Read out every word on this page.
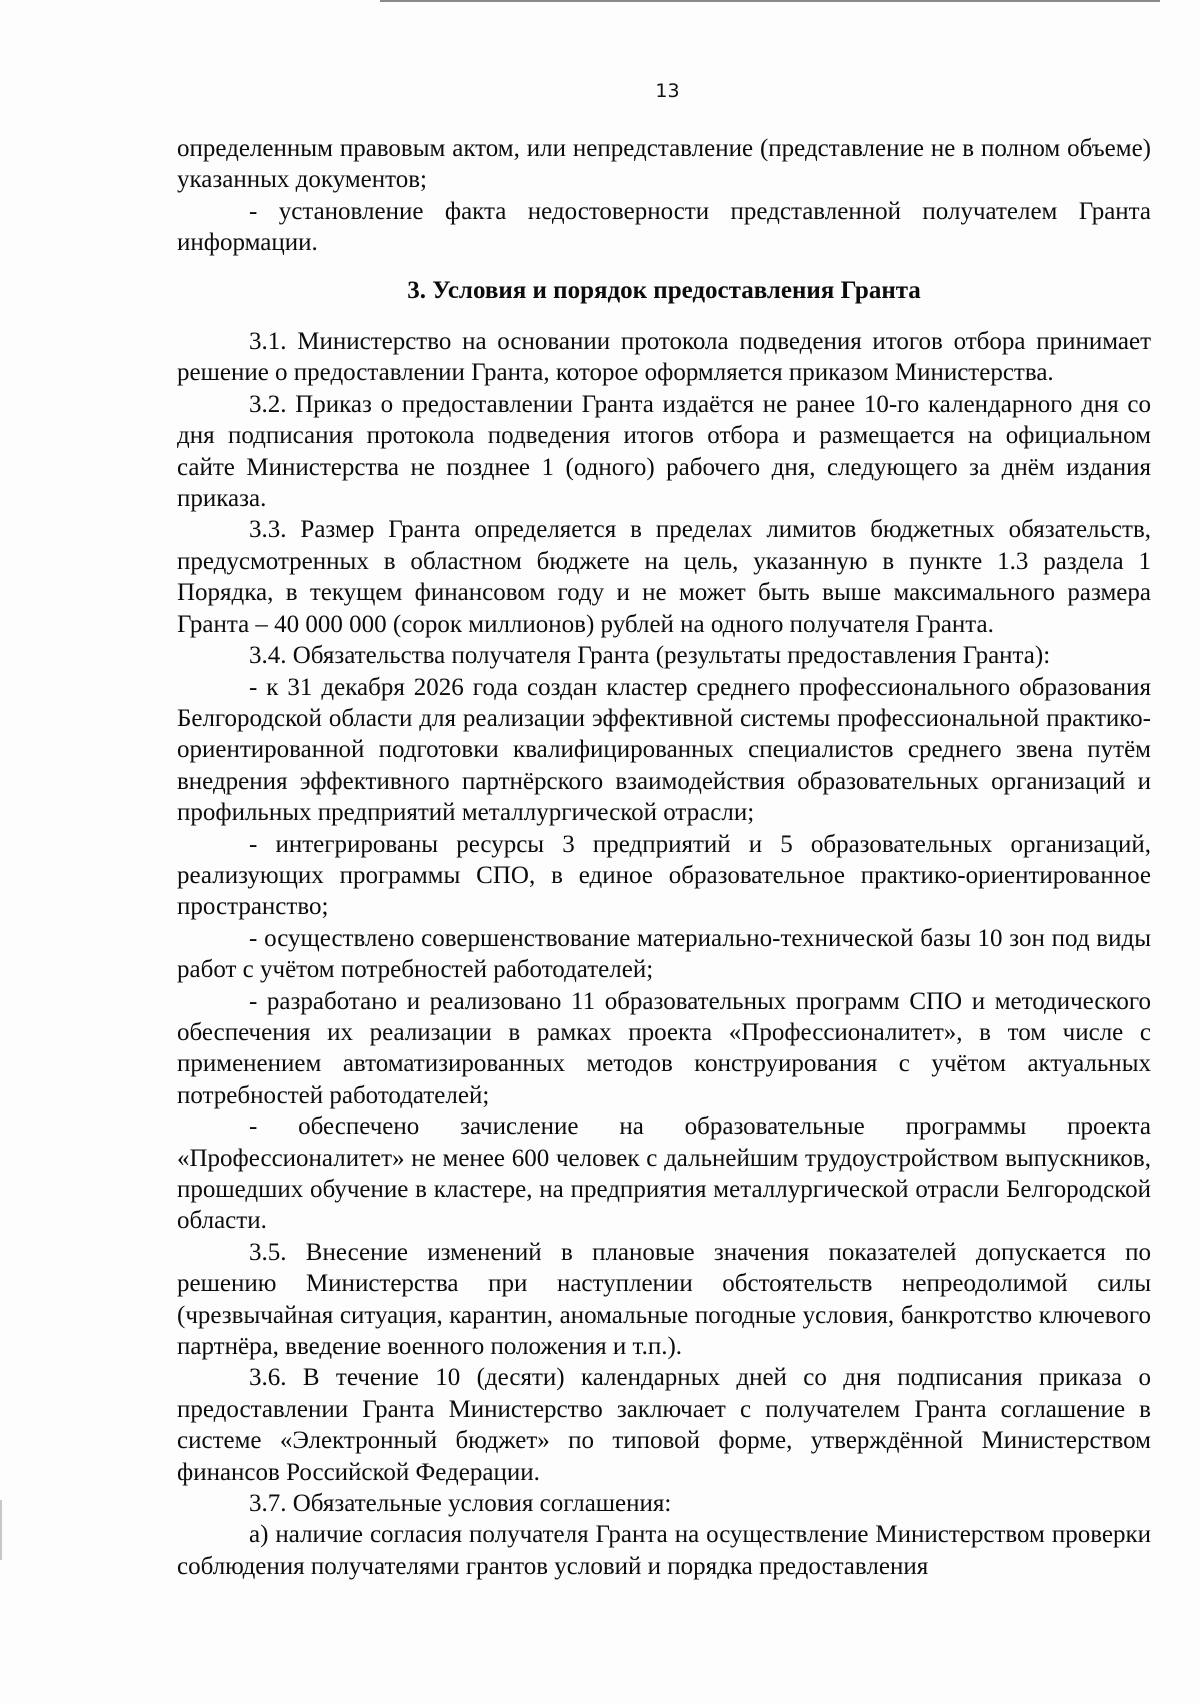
13

определенным правовым актом, или непредставление (представление не в полном объеме) указанных документов;

- установление факта недостоверности представленной получателем Гранта информации.

3. Условия и порядок предоставления Гранта

3.1. Министерство на основании протокола подведения итогов отбора принимает решение о предоставлении Гранта, которое оформляется приказом Министерства.

3.2. Приказ о предоставлении Гранта издаётся не ранее 10-го календарного дня со дня подписания протокола подведения итогов отбора и размещается на официальном сайте Министерства не позднее 1 (одного) рабочего дня, следующего за днём издания приказа.

3.3. Размер Гранта определяется в пределах лимитов бюджетных обязательств, предусмотренных в областном бюджете на цель, указанную в пункте 1.3 раздела 1 Порядка, в текущем финансовом году и не может быть выше максимального размера Гранта – 40 000 000 (сорок миллионов) рублей на одного получателя Гранта.

3.4. Обязательства получателя Гранта (результаты предоставления Гранта):

- к 31 декабря 2026 года создан кластер среднего профессионального образования Белгородской области для реализации эффективной системы профессиональной практико-ориентированной подготовки квалифицированных специалистов среднего звена путём внедрения эффективного партнёрского взаимодействия образовательных организаций и профильных предприятий металлургической отрасли;

- интегрированы ресурсы 3 предприятий и 5 образовательных организаций, реализующих программы СПО, в единое образовательное практико-ориентированное пространство;

- осуществлено совершенствование материально-технической базы 10 зон под виды работ с учётом потребностей работодателей;

- разработано и реализовано 11 образовательных программ СПО и методического обеспечения их реализации в рамках проекта «Профессионалитет», в том числе с применением автоматизированных методов конструирования с учётом актуальных потребностей работодателей;

- обеспечено зачисление на образовательные программы проекта «Профессионалитет» не менее 600 человек с дальнейшим трудоустройством выпускников, прошедших обучение в кластере, на предприятия металлургической отрасли Белгородской области.

3.5. Внесение изменений в плановые значения показателей допускается по решению Министерства при наступлении обстоятельств непреодолимой силы (чрезвычайная ситуация, карантин, аномальные погодные условия, банкротство ключевого партнёра, введение военного положения и т.п.).

3.6. В течение 10 (десяти) календарных дней со дня подписания приказа о предоставлении Гранта Министерство заключает с получателем Гранта соглашение в системе «Электронный бюджет» по типовой форме, утверждённой Министерством финансов Российской Федерации.

3.7. Обязательные условия соглашения:

а) наличие согласия получателя Гранта на осуществление Министерством проверки соблюдения получателями грантов условий и порядка предоставления
